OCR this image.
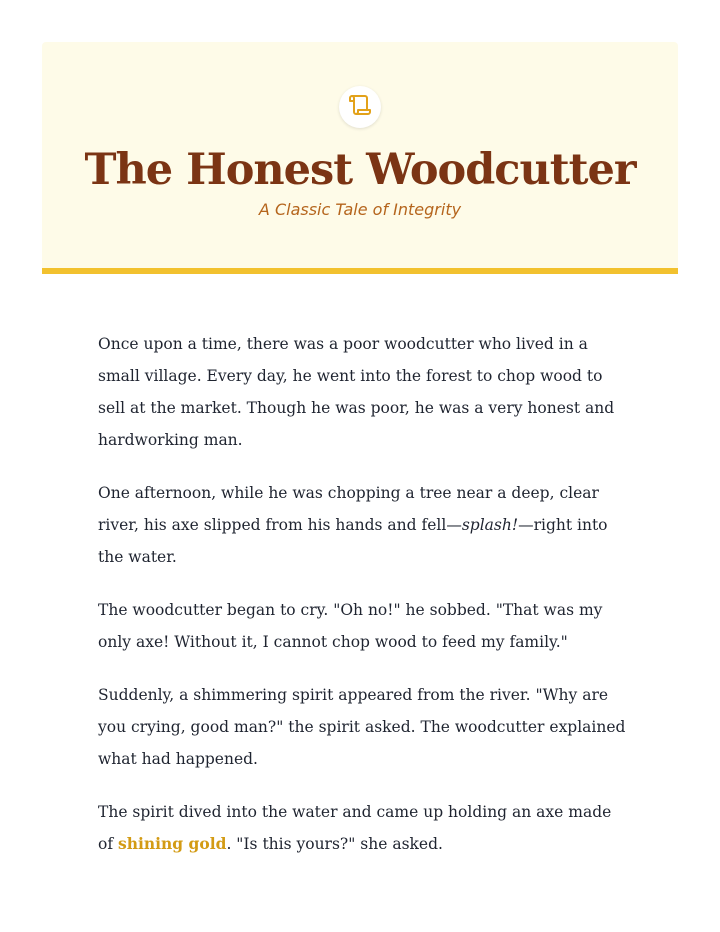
The Honest Woodcutter
A Classic Tale of Integrity

Once upon a time, there was a poor woodcutter who lived in a small village. Every day, he went into the forest to chop wood to sell at the market. Though he was poor, he was a very honest and hardworking man.

One afternoon, while he was chopping a tree near a deep, clear river, his axe slipped from his hands and fell—splash!—right into the water.

The woodcutter began to cry. "Oh no!" he sobbed. "That was my only axe! Without it, I cannot chop wood to feed my family."

Suddenly, a shimmering spirit appeared from the river. "Why are you crying, good man?" the spirit asked. The woodcutter explained what had happened.

The spirit dived into the water and came up holding an axe made of shining gold. "Is this yours?" she asked.
